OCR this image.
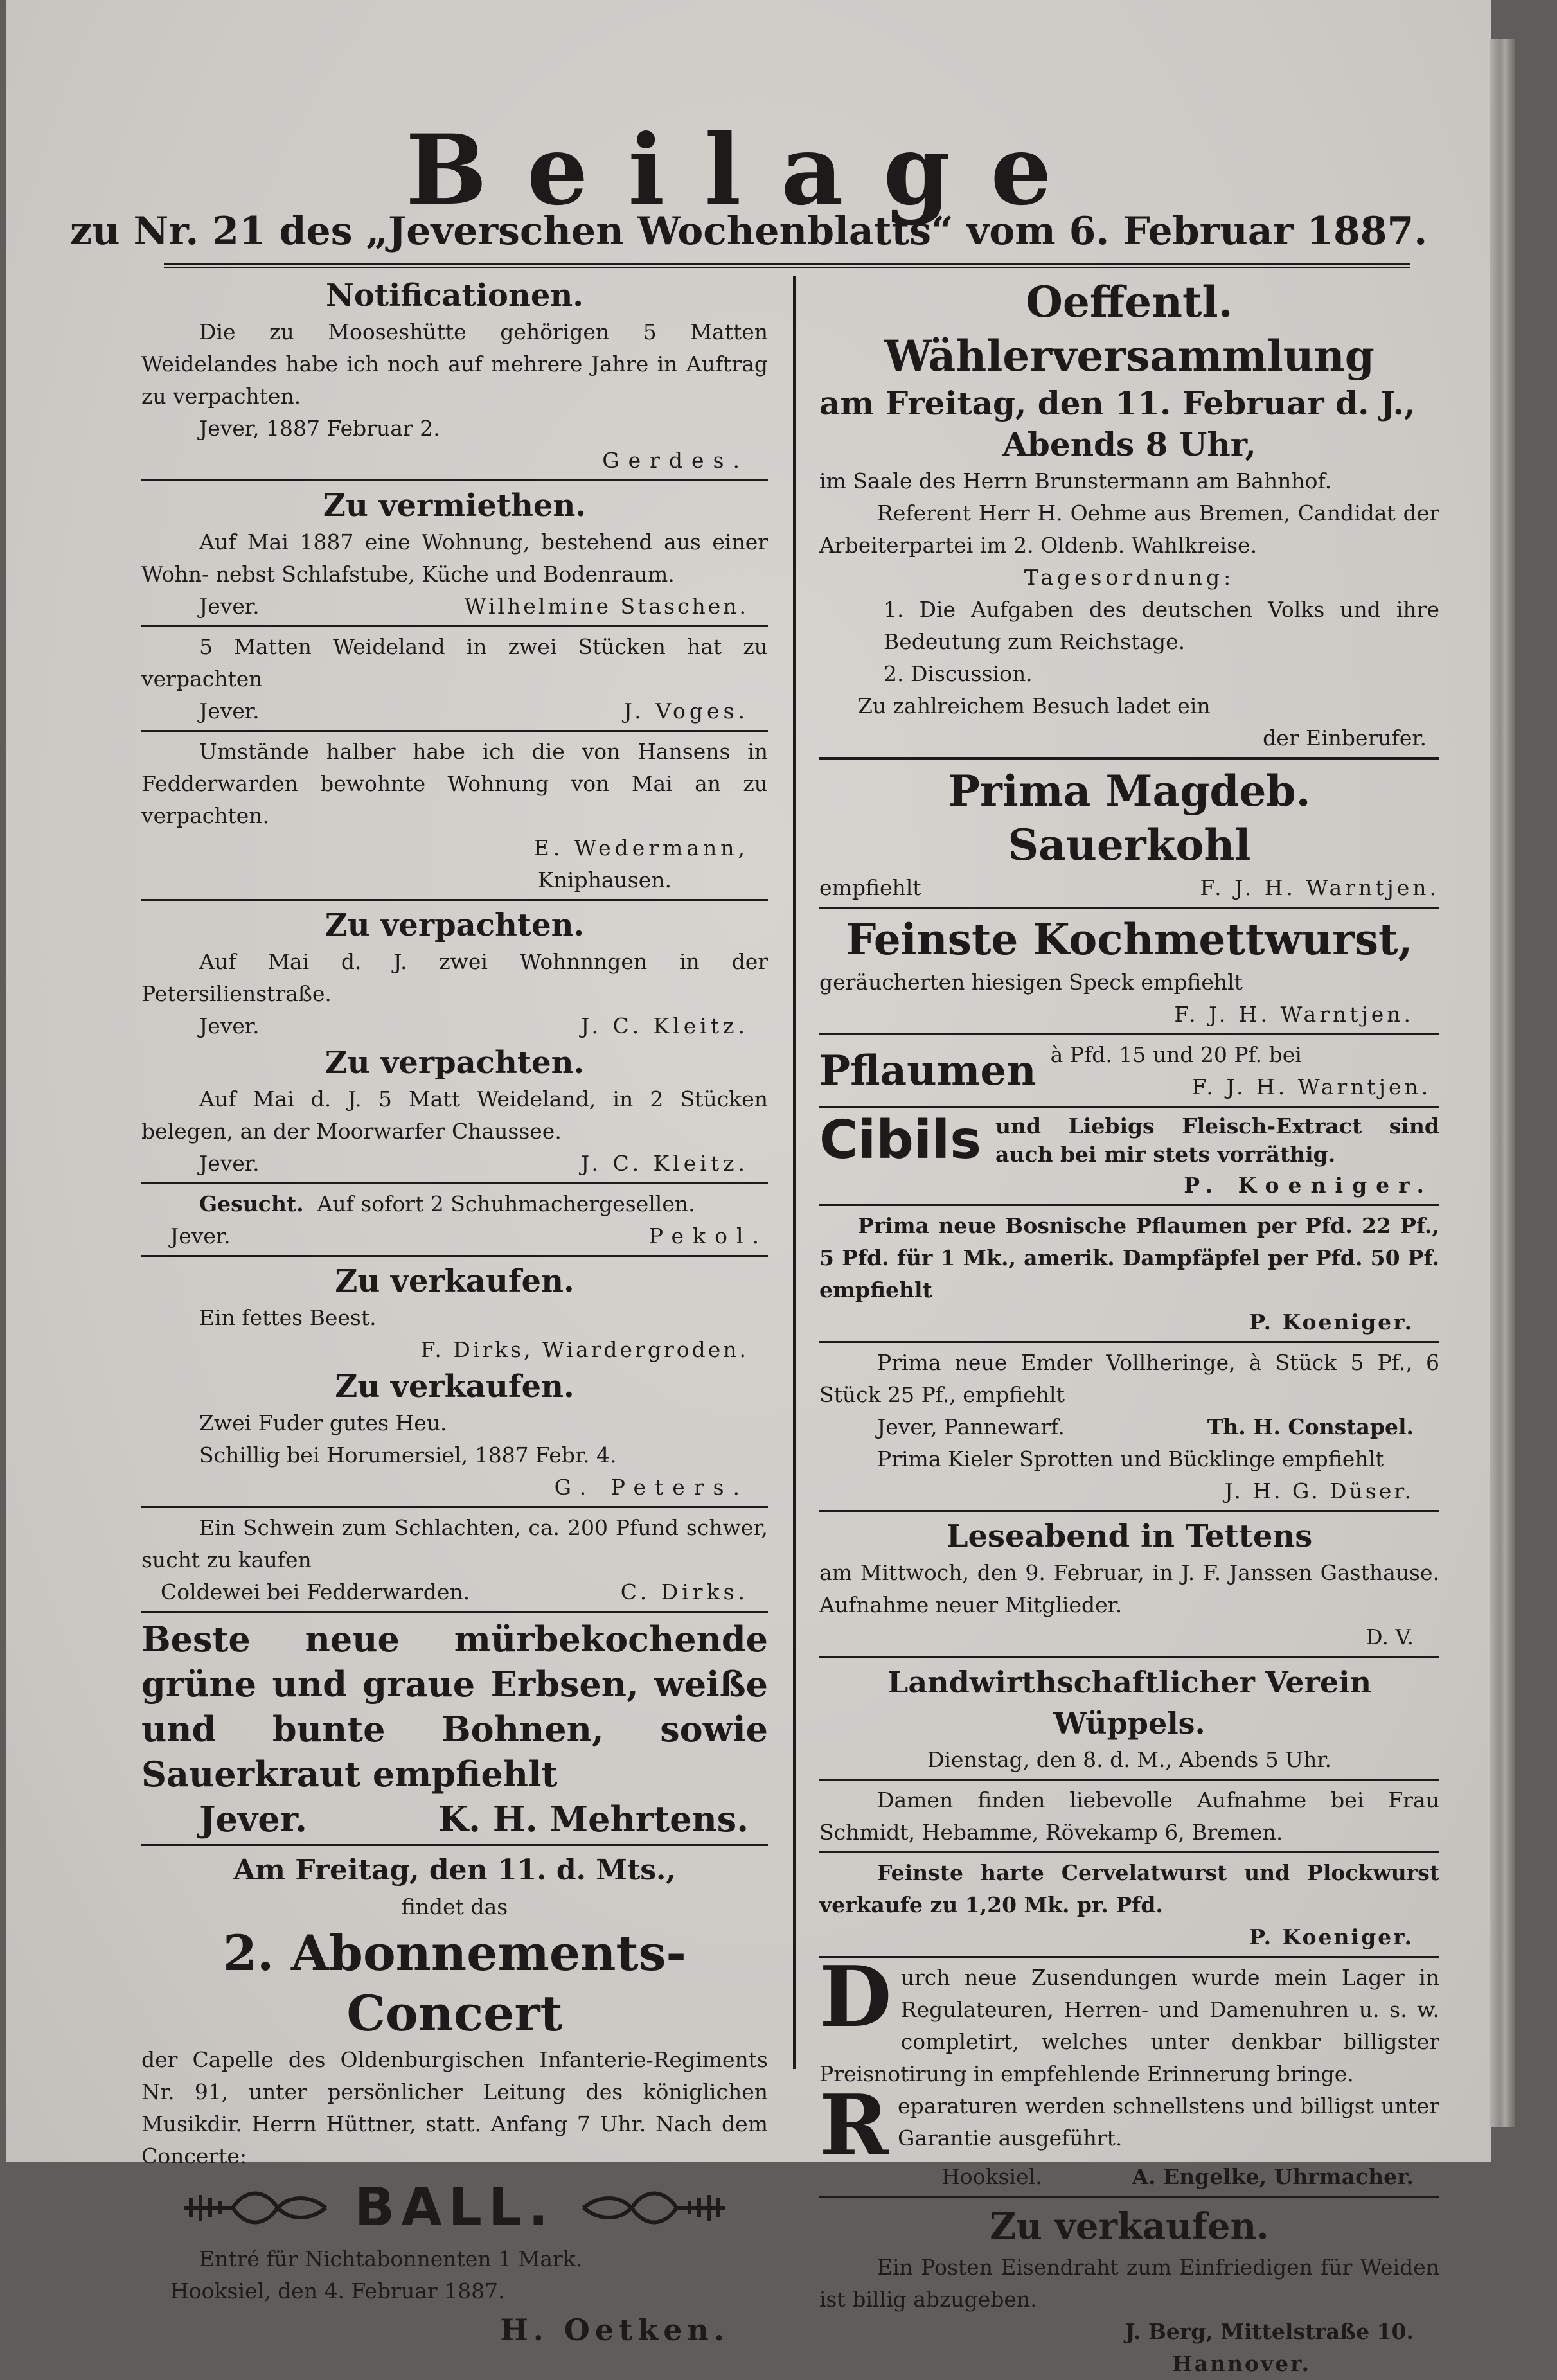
Beilage
zu Nr. 21 des „Jeverschen Wochenblatts“ vom 6. Februar 1887.
Notificationen.
Die zu Mooseshütte gehörigen 5 Matten Weidelandes habe ich noch auf mehrere Jahre in Auftrag zu verpachten.
Jever, 1887 Februar 2.
Gerdes.
Zu vermiethen.
Auf Mai 1887 eine Wohnung, bestehend aus einer Wohn- nebst Schlafstube, Küche und Bodenraum.
Jever.	Wilhelmine Staschen.
5 Matten Weideland in zwei Stücken hat zu verpachten
Jever.	J. Voges.
Umstände halber habe ich die von Hansens in Fedderwarden bewohnte Wohnung von Mai an zu verpachten.
E. Wedermann,
Kniphausen.
Zu verpachten.
Auf Mai d. J. zwei Wohnnngen in der Petersilienstraße.
Jever.	J. C. Kleitz.
Zu verpachten.
Auf Mai d. J. 5 Matt Weideland, in 2 Stücken belegen, an der Moorwarfer Chaussee.
Jever.	J. C. Kleitz.
Gesucht. Auf sofort 2 Schuhmachergesellen.
Jever.	Pekol.
Zu verkaufen.
Ein fettes Beest.
F. Dirks, Wiardergroden.
Zu verkaufen.
Zwei Fuder gutes Heu.
Schillig bei Horumersiel, 1887 Febr. 4.
G. Peters.
Ein Schwein zum Schlachten, ca. 200 Pfund schwer, sucht zu kaufen
Coldewei bei Fedderwarden.	C. Dirks.
Beste neue mürbekochende grüne und graue Erbsen, weiße und bunte Bohnen, sowie Sauerkraut empfiehlt
Jever.	K. H. Mehrtens.
Am Freitag, den 11. d. Mts.,
findet das
2. Abonnements-Concert
der Capelle des Oldenburgischen Infanterie-Regiments Nr. 91, unter persönlicher Leitung des königlichen Musikdir. Herrn Hüttner, statt. Anfang 7 Uhr. Nach dem Concerte:
BALL.
Entré für Nichtabonnenten 1 Mark.
Hooksiel, den 4. Februar 1887.
H. Oetken.
Oeffentl. Wählerversammlung
am Freitag, den 11. Februar d. J.,
Abends 8 Uhr,
im Saale des Herrn Brunstermann am Bahnhof.
Referent Herr H. Oehme aus Bremen, Candidat der Arbeiterpartei im 2. Oldenb. Wahlkreise.
Tagesordnung:
1. Die Aufgaben des deutschen Volks und ihre Bedeutung zum Reichstage.
2. Discussion.
Zu zahlreichem Besuch ladet ein
der Einberufer.
Prima Magdeb. Sauerkohl
empfiehlt	F. J. H. Warntjen.
Feinste Kochmettwurst,
geräucherten hiesigen Speck empfiehlt
F. J. H. Warntjen.
Pflaumen à Pfd. 15 und 20 Pf. bei
F. J. H. Warntjen.
Cibils und Liebigs Fleisch-Extract sind auch bei mir stets vorräthig.
P. Koeniger.
Prima neue Bosnische Pflaumen per Pfd. 22 Pf., 5 Pfd. für 1 Mk., amerik. Dampfäpfel per Pfd. 50 Pf. empfiehlt
P. Koeniger.
Prima neue Emder Vollheringe, à Stück 5 Pf., 6 Stück 25 Pf., empfiehlt
Jever, Pannewarf.	Th. H. Constapel.
Prima Kieler Sprotten und Bücklinge empfiehlt
J. H. G. Düser.
Leseabend in Tettens
am Mittwoch, den 9. Februar, in J. F. Janssen Gasthause. Aufnahme neuer Mitglieder.
D. V.
Landwirthschaftlicher Verein Wüppels.
Dienstag, den 8. d. M., Abends 5 Uhr.
Damen finden liebevolle Aufnahme bei Frau Schmidt, Hebamme, Rövekamp 6, Bremen.
Feinste harte Cervelatwurst und Plockwurst verkaufe zu 1,20 Mk. pr. Pfd.
P. Koeniger.
Durch neue Zusendungen wurde mein Lager in Regulateuren, Herren- und Damenuhren u. s. w. completirt, welches unter denkbar billigster Preisnotirung in empfehlende Erinnerung bringe.
Reparaturen werden schnellstens und billigst unter Garantie ausgeführt.
Hooksiel.	A. Engelke, Uhrmacher.
Zu verkaufen.
Ein Posten Eisendraht zum Einfriedigen für Weiden ist billig abzugeben.
J. Berg, Mittelstraße 10.
Hannover.
